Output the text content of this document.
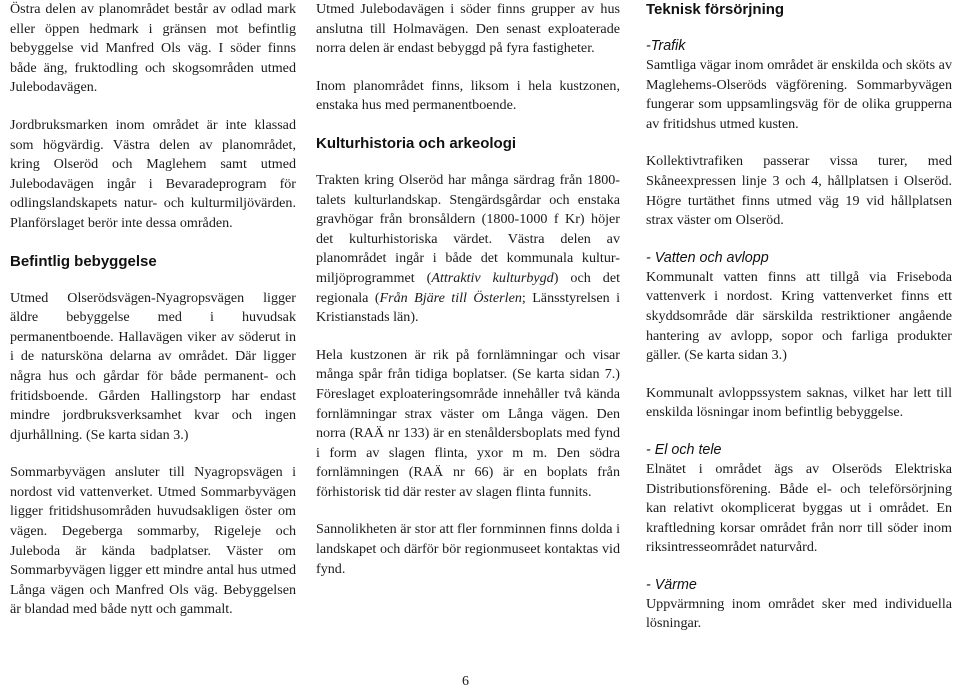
Östra delen av planområdet består av odlad mark eller öppen hedmark i gränsen mot befintlig bebyggelse vid Manfred Ols väg. I söder finns både äng, fruktodling och skogsområden utmed Julebodavägen.

Jordbruksmarken inom området är inte klassad som högvärdig. Västra delen av planområdet, kring Olseröd och Maglehem samt utmed Julebodavägen ingår i Bevaradeprogram för odlingslandskapets natur- och kulturmiljövärden. Planförslaget berör inte dessa områden.

Befintlig bebyggelse

Utmed Olserödsvägen-Nyagropsvägen ligger äldre bebyggelse med i huvudsak permanentboende. Hallavägen viker av söderut in i de natursköna delarna av området. Där ligger några hus och gårdar för både permanent- och fritidsboende. Gården Hallingstorp har endast mindre jordbruksverksamhet kvar och ingen djurhållning. (Se karta sidan 3.)

Sommarbyvägen ansluter till Nyagropsvägen i nordost vid vattenverket. Utmed Sommarbyvägen ligger fritidshusområden huvudsakligen öster om vägen. Degeberga sommarby, Rigeleje och Juleboda är kända badplatser. Väster om Sommarbyvägen ligger ett mindre antal hus utmed Långa vägen och Manfred Ols väg. Bebyggelsen är blandad med både nytt och gammalt.

Utmed Julebodavägen i söder finns grupper av hus anslutna till Holmavägen. Den senast exploaterade norra delen är endast bebyggd på fyra fastigheter.

Inom planområdet finns, liksom i hela kustzonen, enstaka hus med permanentboende.

Kulturhistoria och arkeologi

Trakten kring Olseröd har många särdrag från 1800-talets kulturlandskap. Stengärdsgårdar och enstaka gravhögar från bronsåldern (1800-1000 f Kr) höjer det kulturhistoriska värdet. Västra delen av planområdet ingår i både det kommunala kultur-miljöprogrammet (Attraktiv kulturbygd) och det regionala (Från Bjäre till Österlen; Länsstyrelsen i Kristianstads län).

Hela kustzonen är rik på fornlämningar och visar många spår från tidiga boplatser. (Se karta sidan 7.) Föreslaget exploateringsområde innehåller två kända fornlämningar strax väster om Långa vägen. Den norra (RAÄ nr 133) är en stenåldersboplats med fynd i form av slagen flinta, yxor m m. Den södra fornlämningen (RAÄ nr 66) är en boplats från förhistorisk tid där rester av slagen flinta funnits.

Sannolikheten är stor att fler fornminnen finns dolda i landskapet och därför bör regionmuseet kontaktas vid fynd.

Teknisk försörjning
-Trafik

Samtliga vägar inom området är enskilda och sköts av Maglehems-Olseröds vägförening. Sommarbyvägen fungerar som uppsamlingsväg för de olika grupperna av fritidshus utmed kusten.

Kollektivtrafiken passerar vissa turer, med Skåneexpressen linje 3 och 4, hållplatsen i Olseröd. Högre turtäthet finns utmed väg 19 vid hållplatsen strax väster om Olseröd.

- Vatten och avlopp

Kommunalt vatten finns att tillgå via Friseboda vattenverk i nordost. Kring vattenverket finns ett skyddsområde där särskilda restriktioner angående hantering av avlopp, sopor och farliga produkter gäller. (Se karta sidan 3.)

Kommunalt avloppssystem saknas, vilket har lett till enskilda lösningar inom befintlig bebyggelse.

- El och tele

Elnätet i området ägs av Olseröds Elektriska Distributionsförening. Både el- och teleförsörjning kan relativt okomplicerat byggas ut i området. En kraftledning korsar området från norr till söder inom riksintresseområdet naturvård.

- Värme

Uppvärmning inom området sker med individuella lösningar.

6
